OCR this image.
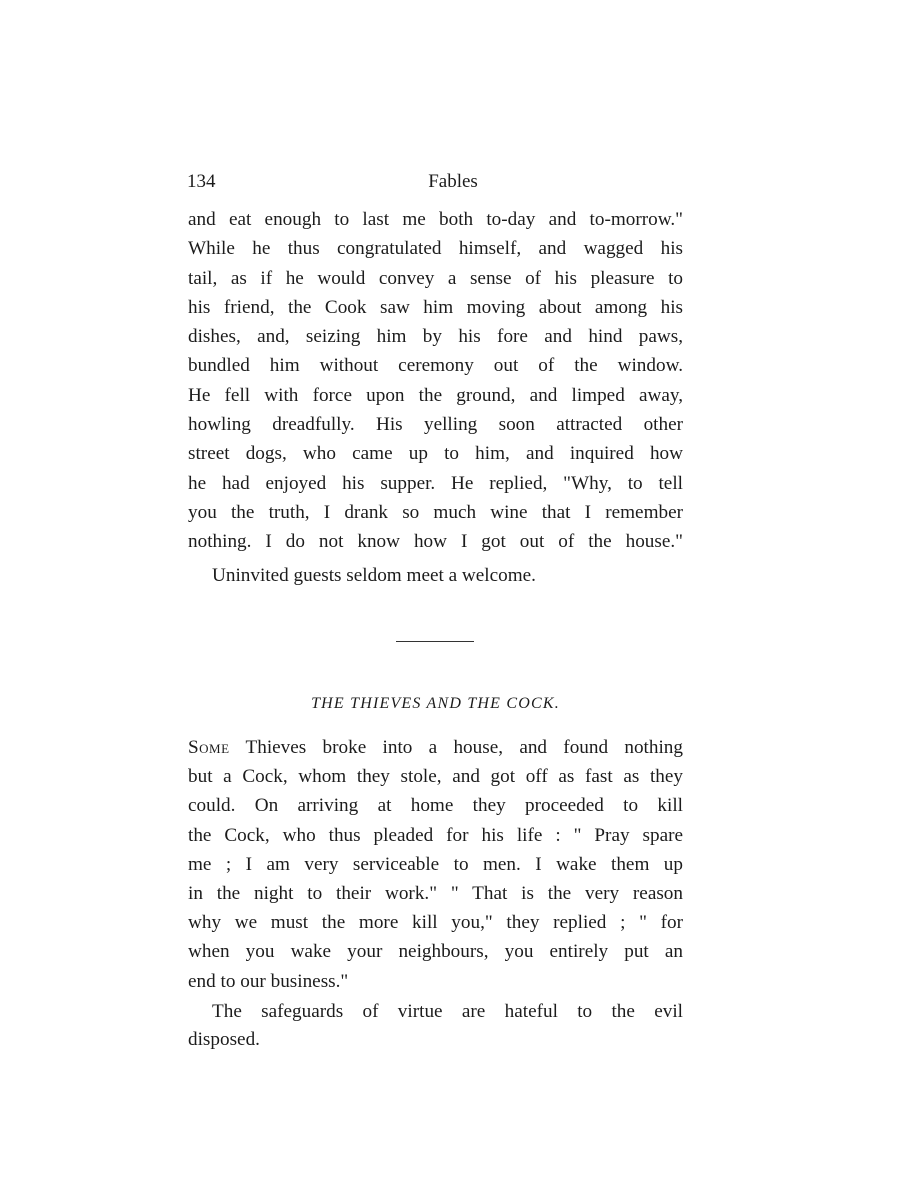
134	Fables
and eat enough to last me both to-day and to-morrow."
While he thus congratulated himself, and wagged his
tail, as if he would convey a sense of his pleasure to
his friend, the Cook saw him moving about among his
dishes, and, seizing him by his fore and hind paws,
bundled him without ceremony out of the window.
He fell with force upon the ground, and limped away,
howling dreadfully. His yelling soon attracted other
street dogs, who came up to him, and inquired how
he had enjoyed his supper. He replied, "Why, to tell
you the truth, I drank so much wine that I remember
nothing. I do not know how I got out of the house."
Uninvited guests seldom meet a welcome.
THE THIEVES AND THE COCK.
Some Thieves broke into a house, and found nothing
but a Cock, whom they stole, and got off as fast as they
could. On arriving at home they proceeded to kill
the Cock, who thus pleaded for his life : " Pray spare
me ; I am very serviceable to men. I wake them up
in the night to their work." " That is the very reason
why we must the more kill you," they replied ; " for
when you wake your neighbours, you entirely put an
end to our business."
The safeguards of virtue are hateful to the evil
disposed.
